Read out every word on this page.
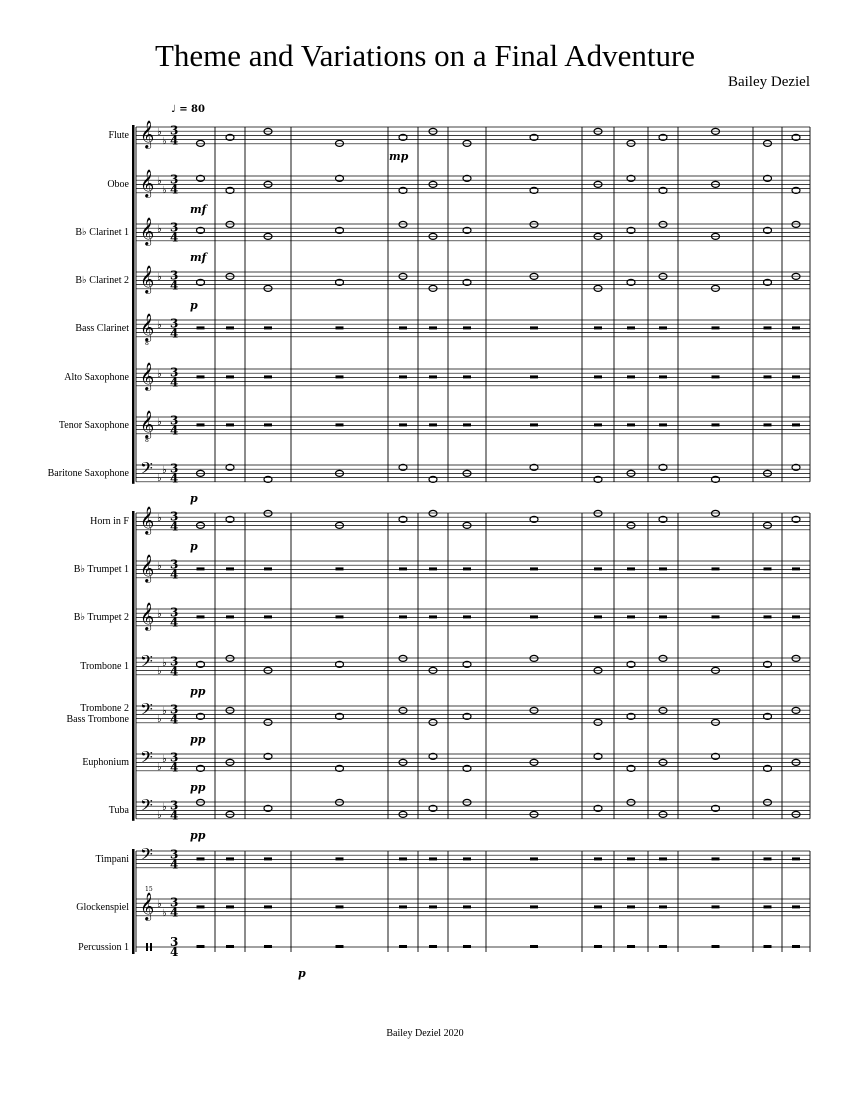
Theme and Variations on a Final Adventure
Bailey Deziel
♩ = 80
Bailey Deziel 2020
Flute
Oboe
B♭ Clarinet 1
B♭ Clarinet 2
Bass Clarinet
Alto Saxophone
Tenor Saxophone
Baritone Saxophone
Horn in F
B♭ Trumpet 1
B♭ Trumpet 2
Trombone 1
Trombone 2
Bass Trombone
Euphonium
Tuba
Timpani
Glockenspiel
Percussion 1
mp
mf
mf
p
p
p
pp
pp
pp
pp
p
𝄞 ♭
♭
3
4
𝄞 ♭
♭
3
4
𝄞 ♭ 3
4
𝄞 ♭ 3
4
𝄞
8
♭ 3
4
𝄞 ♭ 3
4
𝄞
8
♭ 3
4
𝄢 ♭
♭ 3
4
𝄞 ♭ 3
4
𝄞 ♭ 3
4
𝄞 ♭ 3
4
𝄢 ♭
♭ 3
4
𝄢 ♭
♭ 3
4
𝄢 ♭
♭ 3
4
𝄢 ♭
♭ 3
4
𝄢 3
4
𝄞
15
♭
♭
3
4
3
4
